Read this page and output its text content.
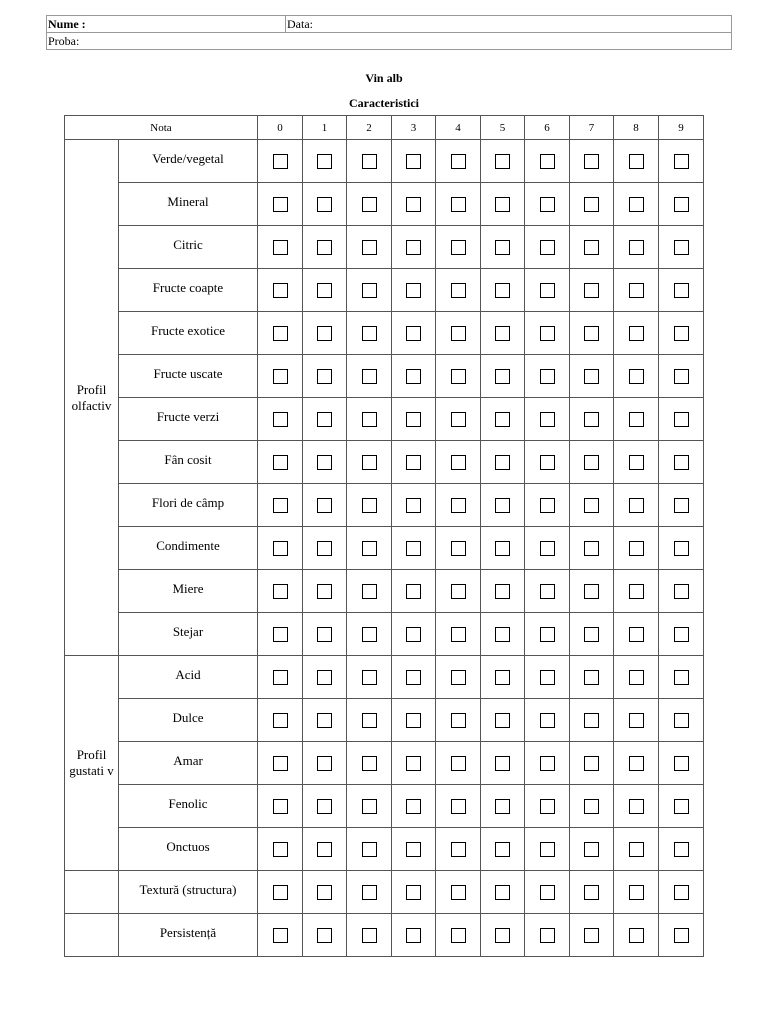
Nume :	Data:
Proba:
Vin alb
Caracteristici
Nota		0	1	2	3	4	5	6	7	8	9
Profil olfactiv	Verde/vegetal										
	Mineral										
	Citric										
	Fructe coapte										
	Fructe exotice										
	Fructe uscate										
	Fructe verzi										
	Fân cosit										
	Flori de câmp										
	Condimente										
	Miere										
	Stejar										
Profil gustati v	Acid										
	Dulce										
	Amar										
	Fenolic										
	Onctuos										
	Textură (structura)										
	Persistență										
